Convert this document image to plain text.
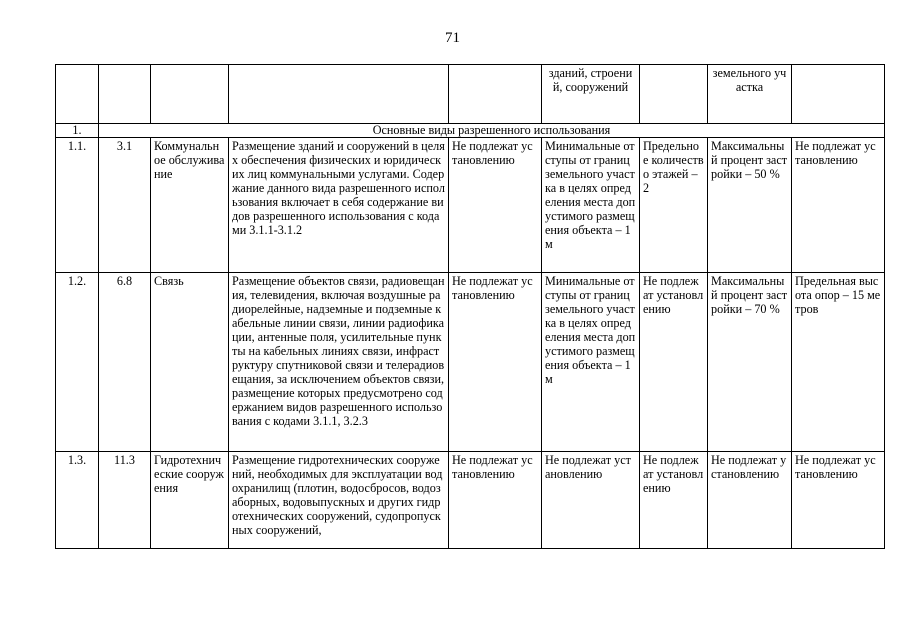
71
					зданий, строений, сооружений		земельного участка	
1.	Основные виды разрешенного использования							
1.1.	3.1	Коммунальное обслуживание	Размещение зданий и сооружений в целях обеспечения физических и юридических лиц коммунальными услугами. Содержание данного вида разрешенного использования включает в себя содержание видов разрешенного использования с кодами 3.1.1-3.1.2	Не подлежат установлению	Минимальные отступы от границ земельного участка в целях определения места допустимого размещения объекта – 1 м	Предельное количество этажей – 2	Максимальный процент застройки – 50 %	Не подлежат установлению
1.2.	6.8	Связь	Размещение объектов связи, радиовещания, телевидения, включая воздушные радиорелейные, надземные и подземные кабельные линии связи, линии радиофикации, антенные поля, усилительные пункты на кабельных линиях связи, инфраструктуру спутниковой связи и телерадиовещания, за исключением объектов связи, размещение которых предусмотрено содержанием видов разрешенного использования с кодами 3.1.1, 3.2.3	Не подлежат установлению	Минимальные отступы от границ земельного участка в целях определения места допустимого размещения объекта – 1 м	Не подлежат установлению	Максимальный процент застройки – 70 %	Предельная высота опор – 15 метров
1.3.	11.3	Гидротехнические сооружения	Размещение гидротехнических сооружений, необходимых для эксплуатации водохранилищ (плотин, водосбросов, водозаборных, водовыпускных и других гидротехнических сооружений, судопропускных сооружений,	Не подлежат установлению	Не подлежат установлению	Не подлежат установлению	Не подлежат установлению	Не подлежат установлению
